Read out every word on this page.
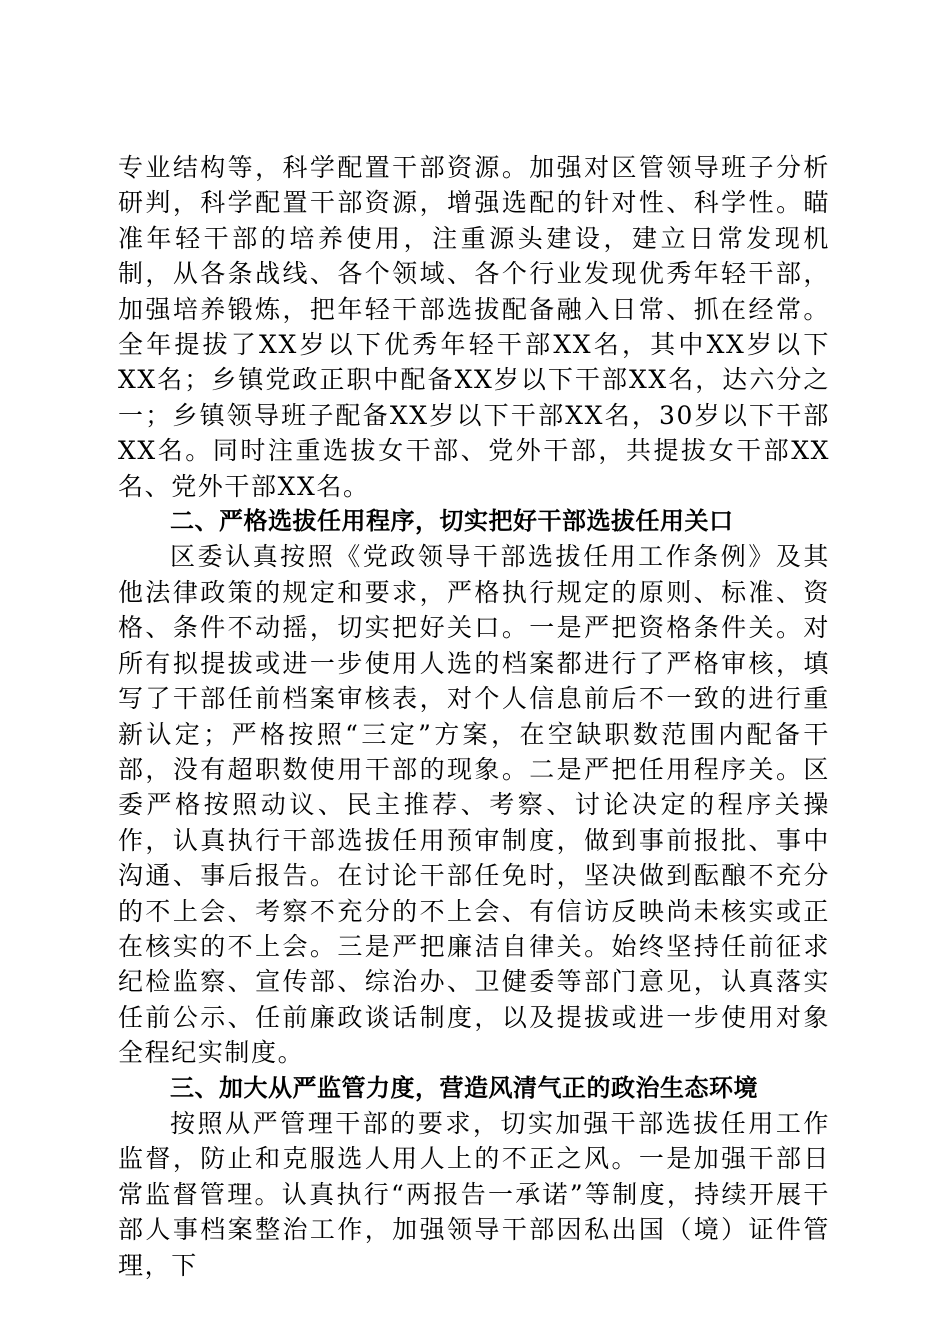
专业结构等，科学配置干部资源。加强对区管领导班子分析研判，科学配置干部资源，增强选配的针对性、科学性。瞄准年轻干部的培养使用，注重源头建设，建立日常发现机制，从各条战线、各个领域、各个行业发现优秀年轻干部，加强培养锻炼，把年轻干部选拔配备融入日常、抓在经常。全年提拔了XX岁以下优秀年轻干部XX名，其中XX岁以下XX名；乡镇党政正职中配备XX岁以下干部XX名，达六分之一；乡镇领导班子配备XX岁以下干部XX名，30岁以下干部XX名。同时注重选拔女干部、党外干部，共提拔女干部XX名、党外干部XX名。

二、严格选拔任用程序，切实把好干部选拔任用关口

区委认真按照《党政领导干部选拔任用工作条例》及其他法律政策的规定和要求，严格执行规定的原则、标准、资格、条件不动摇，切实把好关口。一是严把资格条件关。对所有拟提拔或进一步使用人选的档案都进行了严格审核，填写了干部任前档案审核表，对个人信息前后不一致的进行重新认定；严格按照“三定”方案，在空缺职数范围内配备干部，没有超职数使用干部的现象。二是严把任用程序关。区委严格按照动议、民主推荐、考察、讨论决定的程序关操作，认真执行干部选拔任用预审制度，做到事前报批、事中沟通、事后报告。在讨论干部任免时，坚决做到酝酿不充分的不上会、考察不充分的不上会、有信访反映尚未核实或正在核实的不上会。三是严把廉洁自律关。始终坚持任前征求纪检监察、宣传部、综治办、卫健委等部门意见，认真落实任前公示、任前廉政谈话制度，以及提拔或进一步使用对象全程纪实制度。

三、加大从严监管力度，营造风清气正的政治生态环境

按照从严管理干部的要求，切实加强干部选拔任用工作监督，防止和克服选人用人上的不正之风。一是加强干部日常监督管理。认真执行“两报告一承诺”等制度，持续开展干部人事档案整治工作，加强领导干部因私出国（境）证件管理，下
